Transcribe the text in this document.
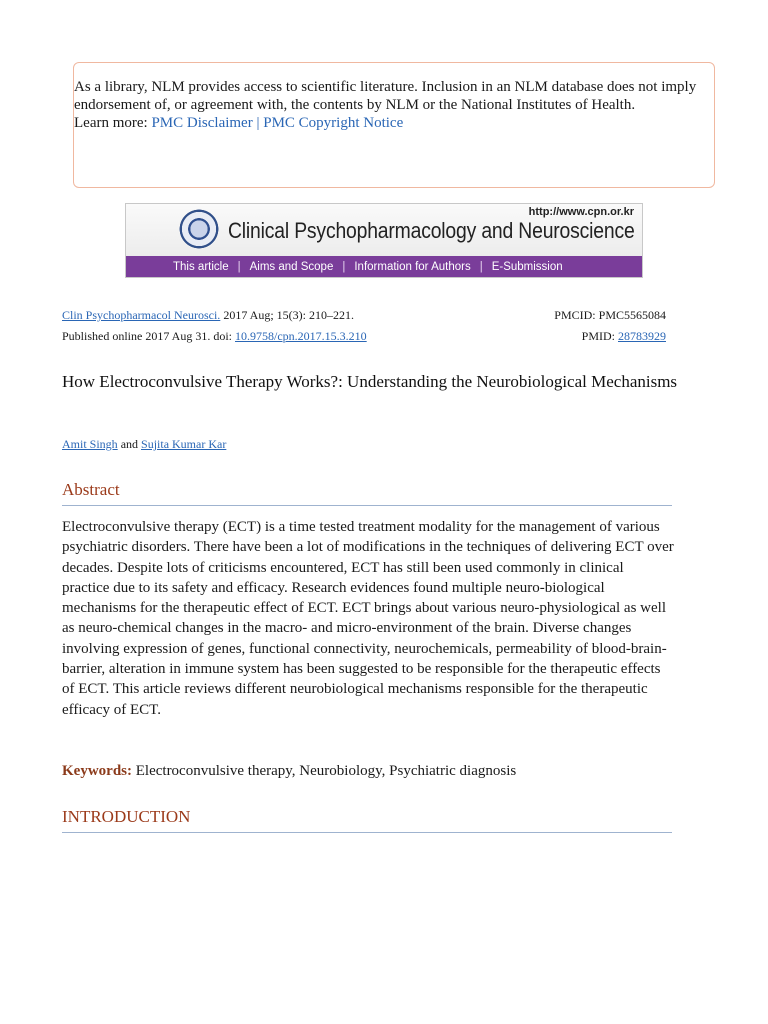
As a library, NLM provides access to scientific literature. Inclusion in an NLM database does not imply endorsement of, or agreement with, the contents by NLM or the National Institutes of Health.

Learn more: PMC Disclaimer | PMC Copyright Notice

Clinical Psychopharmacology and Neuroscience
http://www.cpn.or.kr
This article | Aims and Scope | Information for Authors | E-Submission
Clin Psychopharmacol Neurosci. 2017 Aug; 15(3): 210–221.	PMCID: PMC5565084
Published online 2017 Aug 31. doi: 10.9758/cpn.2017.15.3.210	PMID: 28783929
How Electroconvulsive Therapy Works?: Understanding the Neurobiological Mechanisms
Amit Singh and Sujita Kumar Kar
Abstract

Electroconvulsive therapy (ECT) is a time tested treatment modality for the management of various psychiatric disorders. There have been a lot of modifications in the techniques of delivering ECT over decades. Despite lots of criticisms encountered, ECT has still been used commonly in clinical practice due to its safety and efficacy. Research evidences found multiple neuro-biological mechanisms for the therapeutic effect of ECT. ECT brings about various neuro-physiological as well as neuro-chemical changes in the macro- and micro-environment of the brain. Diverse changes involving expression of genes, functional connectivity, neurochemicals, permeability of blood-brain-barrier, alteration in immune system has been suggested to be responsible for the therapeutic effects of ECT. This article reviews different neurobiological mechanisms responsible for the therapeutic efficacy of ECT.

Keywords: Electroconvulsive therapy, Neurobiology, Psychiatric diagnosis
INTRODUCTION
